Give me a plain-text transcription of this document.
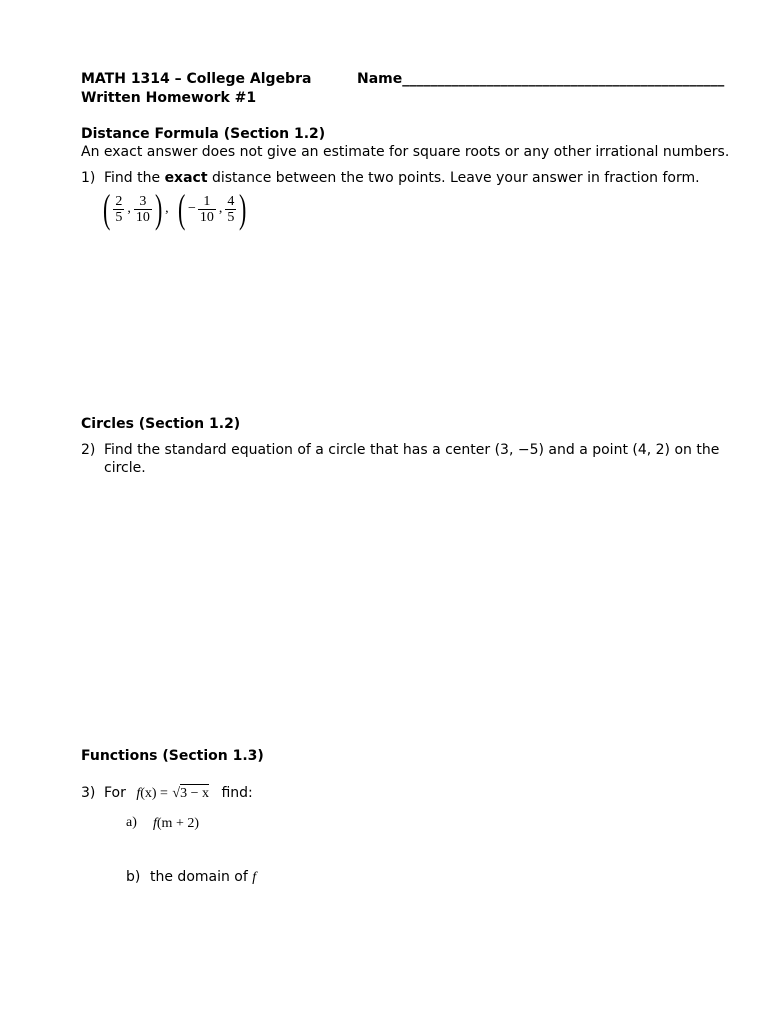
MATH 1314 – College Algebra	Name______________________________________________
Written Homework #1
Distance Formula (Section 1.2)
An exact answer does not give an estimate for square roots or any other irrational numbers.
1) Find the exact distance between the two points. Leave your answer in fraction form.
( $\frac{2}{5}$ , $\frac{3}{10}$ ) , ( − $\frac{1}{10}$ , $\frac{4}{5}$ )
Circles (Section 1.2)
2) Find the standard equation of a circle that has a center (3, −5) and a point (4, 2) on the
circle.
Functions (Section 1.3)
3) For f(x) = √3 − x find:
a) f(m + 2)
b) the domain of f
